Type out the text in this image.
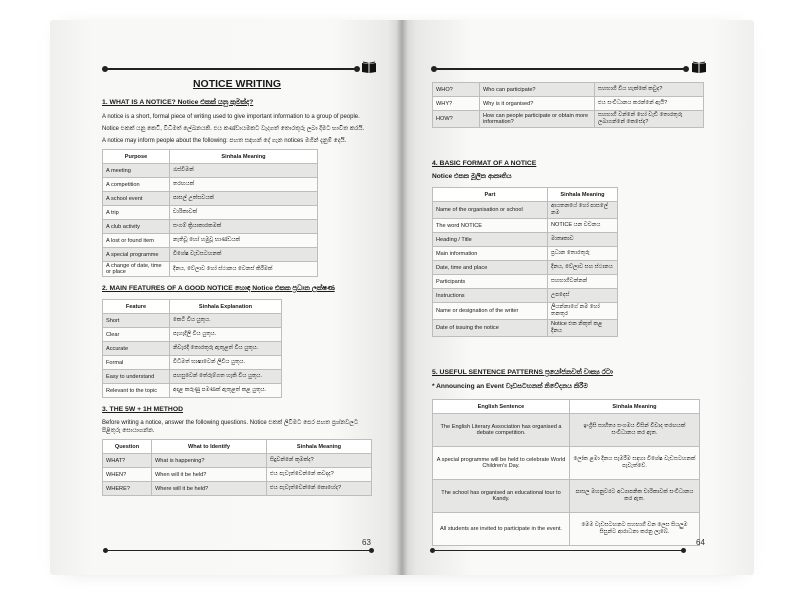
NOTICE WRITING
1. WHAT IS A NOTICE? Notice එකක් යනු කුමක්ද?

A notice is a short, formal piece of writing used to give important information to a group of people.

Notice එකක් යනු කෙටි, විධිමත් ලේඛනයකි. එය කණ්ඩායමකට වැදගත් තොරතුරු ලබා දීමට භාවිත කරයි.

A notice may inform people about the following: පහත සඳහන් දේ ගැන notices මගින් දැනුම් දෙයි.

Purpose	Sinhala Meaning
A meeting	රැස්වීමක්
A competition	තරඟයක්
A school event	පාසල් උත්සවයක්
A trip	චාරිකාවක්
A club activity	සංගම් ක්‍රියාකාරකමක්
A lost or found item	නැතිවූ හෝ හමුවූ භාණ්ඩයක්
A special programme	විශේෂ වැඩසටහනක්
A change of date, time or place	දිනය, වේලාව හෝ ස්ථානය වෙනස් කිරීමක්
2. MAIN FEATURES OF A GOOD NOTICE හොඳ Notice එකක ප්‍රධාන ලක්ෂණ
Feature	Sinhala Explanation
Short	කෙටි විය යුතුය.
Clear	පැහැදිලි විය යුතුය.
Accurate	නිවැරදි තොරතුරු ඇතුළත් විය යුතුය.
Formal	විධිමත් භාෂාවෙන් ලිවිය යුතුය.
Easy to understand	පහසුවෙන් තේරුම්ගත හැකි විය යුතුය.
Relevant to the topic	අදාළ කරුණු පමණක් ඇතුළත් කළ යුතුය.
3. THE 5W + 1H METHOD

Before writing a notice, answer the following questions. Notice එකක් ලිවීමට පෙර පහත ප්‍රශ්නවලට පිළිතුරු සොයාගන්න.

Question	What to Identify	Sinhala Meaning
WHAT?	What is happening?	සිදුවන්නේ කුමක්ද?
WHEN?	When will it be held?	එය පැවැත්වෙන්නේ කවදාද?
WHERE?	Where will it be held?	එය පැවැත්වෙන්නේ කොහේද?
63
WHO?	Who can participate?	සහභාගී විය හැක්කේ කවුද?
WHY?	Why is it organised?	එය සංවිධානය කරන්නේ ඇයි?
HOW?	How can people participate or obtain more information?	සහභාගී වන්නේ හෝ වැඩි තොරතුරු ලබාගන්නේ කෙසේද?
4. BASIC FORMAT OF A NOTICE
Notice එකක මූලික ආකෘතිය
Part	Sinhala Meaning
Name of the organisation or school	ආයතනයේ හෝ පාසලේ නම
The word NOTICE	NOTICE යන වචනය
Heading / Title	මාතෘකාව
Main information	ප්‍රධාන තොරතුරු
Date, time and place	දිනය, වේලාව සහ ස්ථානය
Participants	සහභාගීවන්නන්
Instructions	උපදෙස්
Name or designation of the writer	ලියන්නාගේ නම හෝ තනතුර
Date of issuing the notice	Notice එක නිකුත් කළ දිනය
5. USEFUL SENTENCE PATTERNS ප්‍රයෝජනවත් වාක්‍ය රටා
* Announcing an Event වැඩසටහනක් නිවේදනය කිරීම
English Sentence	Sinhala Meaning
The English Literary Association has organised a debate competition.	ඉංග්‍රීසි සාහිත්‍ය සංගමය විසින් විවාද තරඟයක් සංවිධානය කර ඇත.
A special programme will be held to celebrate World Children's Day.	ලෝක ළමා දිනය සැමරීම සඳහා විශේෂ වැඩසටහනක් පැවැත්වේ.
The school has organised an educational tour to Kandy.	පාසල මහනුවරට අධ්‍යාපනික චාරිකාවක් සංවිධානය කර ඇත.
All students are invited to participate in the event.	මෙම වැඩසටහනට සහභාගී වන ලෙස සියලුම සිසුන්ට ආරාධනා කරනු ලැබේ.
64
